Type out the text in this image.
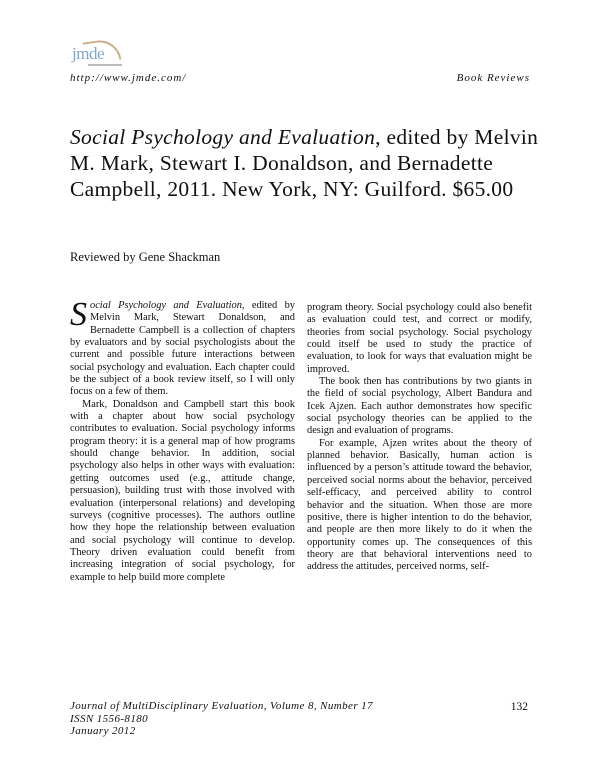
jmde
http://www.jmde.com/	Book Reviews
Social Psychology and Evaluation, edited by Melvin M. Mark, Stewart I. Donaldson, and Bernadette Campbell, 2011. New York, NY: Guilford. $65.00
Reviewed by Gene Shackman

Social Psychology and Evaluation, edited by Melvin Mark, Stewart Donaldson, and Bernadette Campbell is a collection of chapters by evaluators and by social psychologists about the current and possible future interactions between social psychology and evaluation. Each chapter could be the subject of a book review itself, so I will only focus on a few of them.

Mark, Donaldson and Campbell start this book with a chapter about how social psychology contributes to evaluation. Social psychology informs program theory: it is a general map of how programs should change behavior. In addition, social psychology also helps in other ways with evaluation: getting outcomes used (e.g., attitude change, persuasion), building trust with those involved with evaluation (interpersonal relations) and developing surveys (cognitive processes). The authors outline how they hope the relationship between evaluation and social psychology will continue to develop. Theory driven evaluation could benefit from increasing integration of social psychology, for example to help build more complete

program theory. Social psychology could also benefit as evaluation could test, and correct or modify, theories from social psychology. Social psychology could itself be used to study the practice of evaluation, to look for ways that evaluation might be improved.

The book then has contributions by two giants in the field of social psychology, Albert Bandura and Icek Ajzen. Each author demonstrates how specific social psychology theories can be applied to the design and evaluation of programs.

For example, Ajzen writes about the theory of planned behavior. Basically, human action is influenced by a person’s attitude toward the behavior, perceived social norms about the behavior, perceived self-efficacy, and perceived ability to control behavior and the situation. When those are more positive, there is higher intention to do the behavior, and people are then more likely to do it when the opportunity comes up. The consequences of this theory are that behavioral interventions need to address the attitudes, perceived norms, self-

Journal of MultiDisciplinary Evaluation, Volume 8, Number 17
ISSN 1556-8180
January 2012
132
